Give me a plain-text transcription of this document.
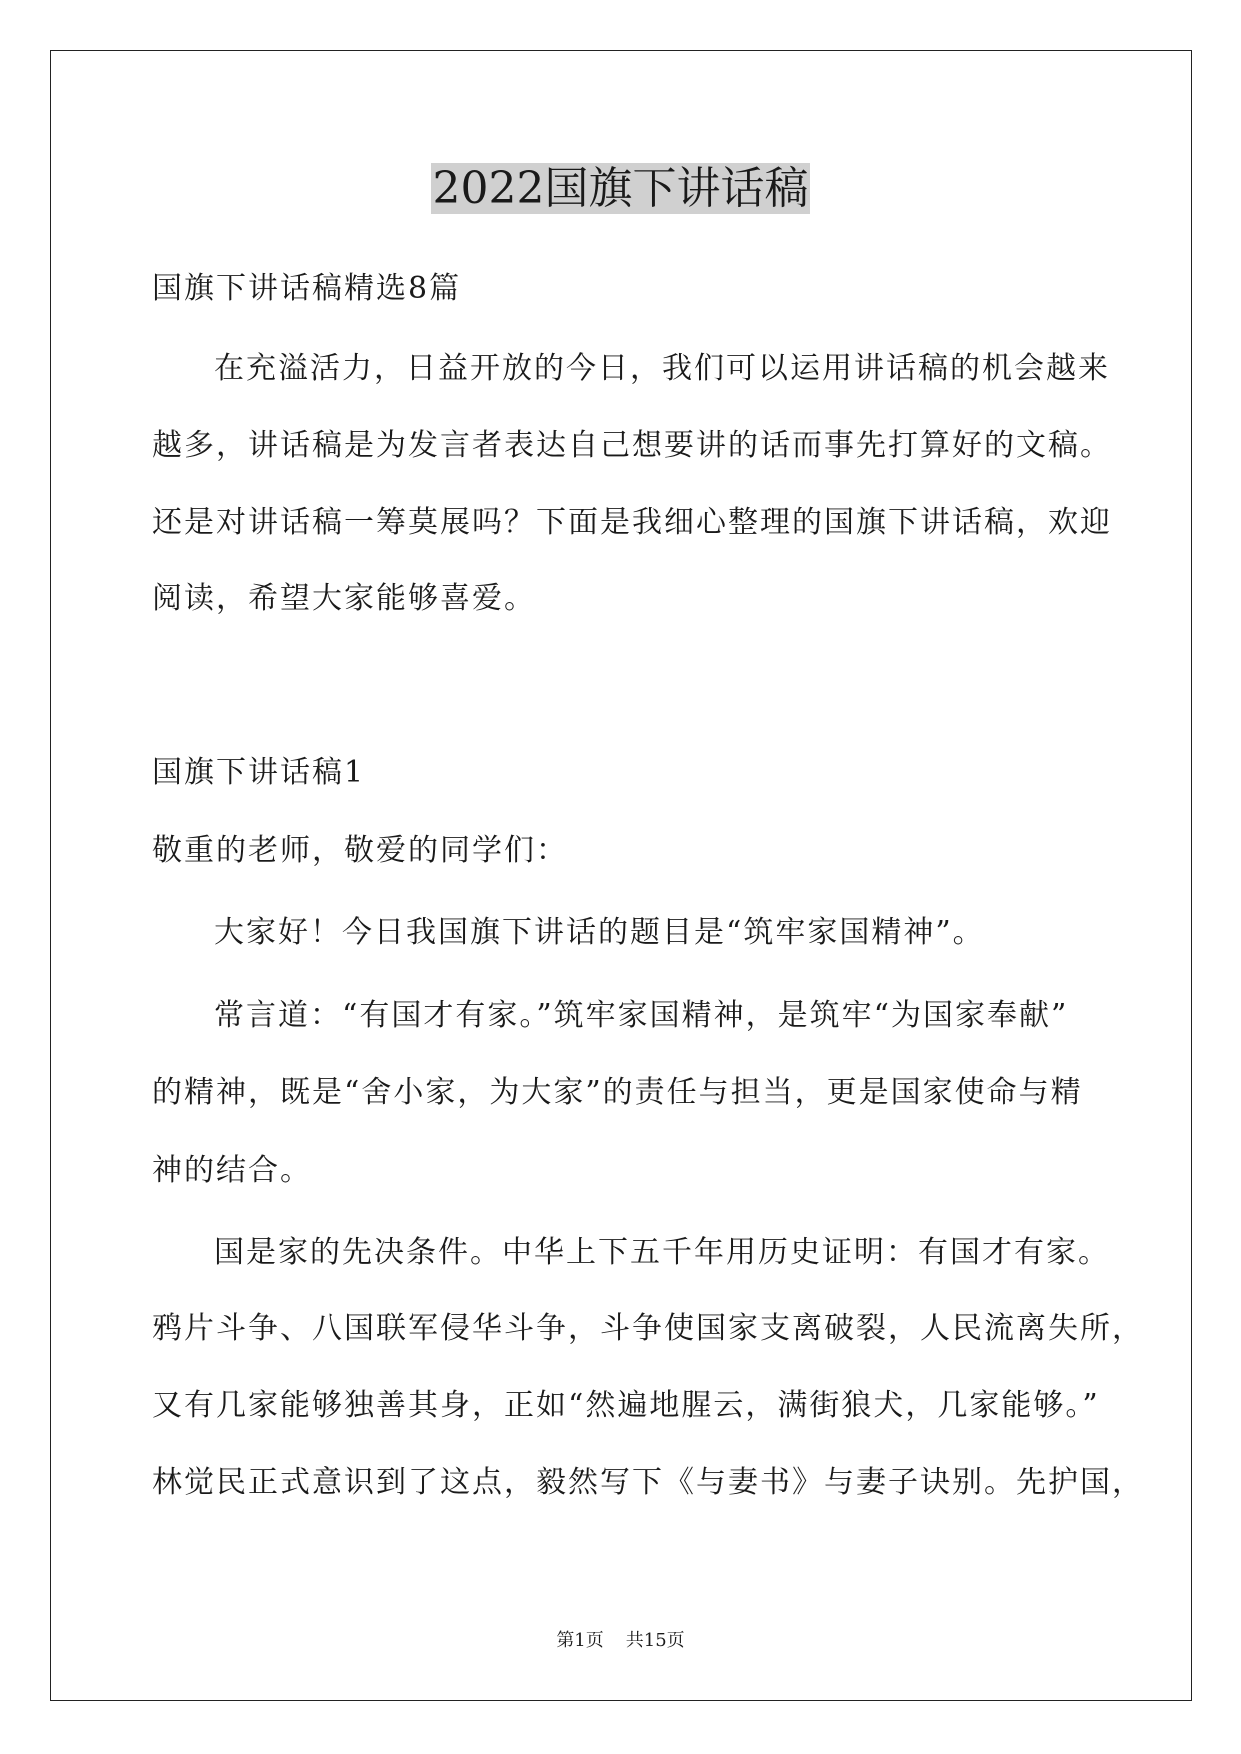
2022国旗下讲话稿

国旗下讲话稿精选8篇

在充溢活力，日益开放的今日，我们可以运用讲话稿的机会越来

越多，讲话稿是为发言者表达自己想要讲的话而事先打算好的文稿。

还是对讲话稿一筹莫展吗？下面是我细心整理的国旗下讲话稿，欢迎

阅读，希望大家能够喜爱。

国旗下讲话稿1

敬重的老师，敬爱的同学们：

大家好！今日我国旗下讲话的题目是“筑牢家国精神”。

常言道：“有国才有家。”筑牢家国精神，是筑牢“为国家奉献”

的精神，既是“舍小家，为大家”的责任与担当，更是国家使命与精

神的结合。

国是家的先决条件。中华上下五千年用历史证明：有国才有家。

鸦片斗争、八国联军侵华斗争，斗争使国家支离破裂，人民流离失所，

又有几家能够独善其身，正如“然遍地腥云，满街狼犬，几家能够。”

林觉民正式意识到了这点，毅然写下《与妻书》与妻子诀别。先护国，

第1页 共15页
